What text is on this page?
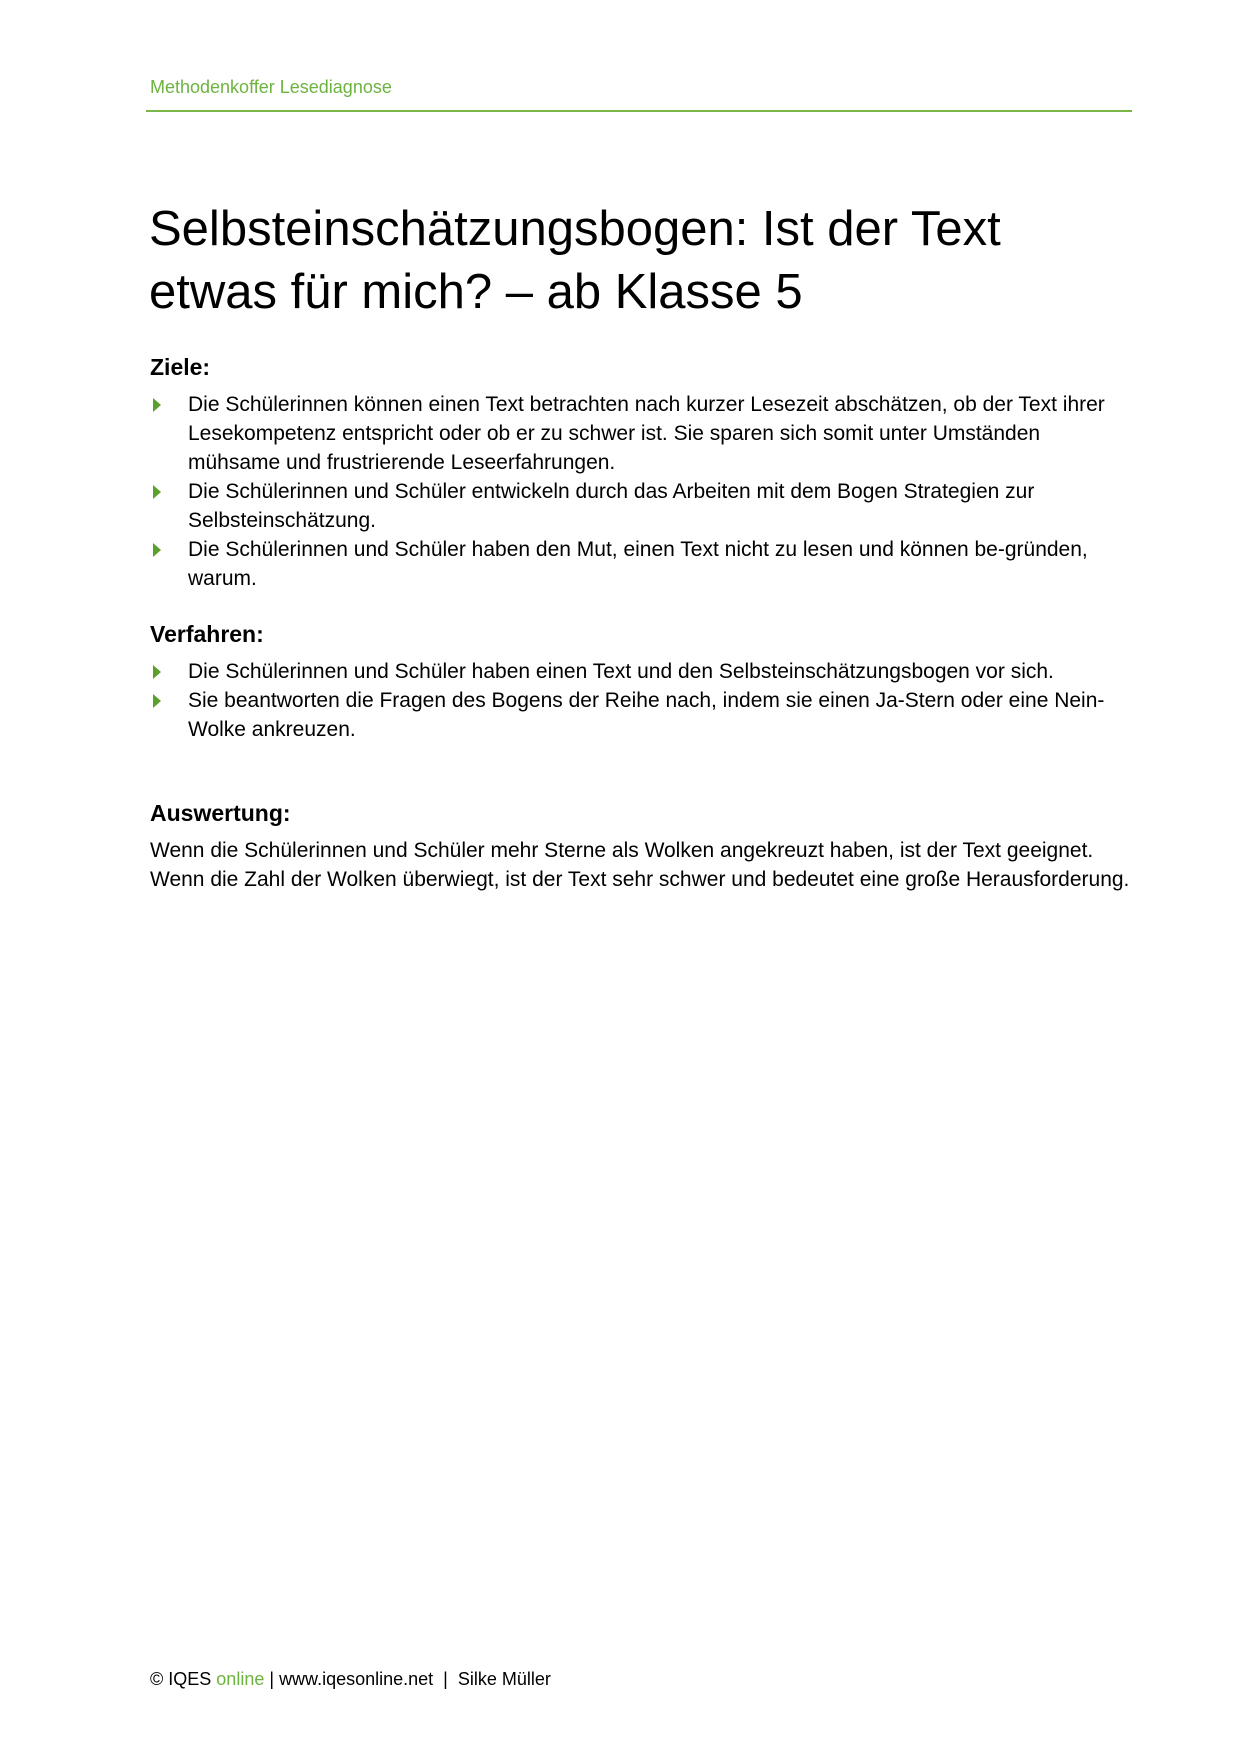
Methodenkoffer Lesediagnose
Selbsteinschätzungsbogen: Ist der Text
etwas für mich? – ab Klasse 5
Ziele:
Die Schülerinnen können einen Text betrachten nach kurzer Lesezeit abschätzen, ob der Text ihrer Lesekompetenz entspricht oder ob er zu schwer ist. Sie sparen sich somit unter Umständen mühsame und frustrierende Leseerfahrungen.
Die Schülerinnen und Schüler entwickeln durch das Arbeiten mit dem Bogen Strategien zur Selbsteinschätzung.
Die Schülerinnen und Schüler haben den Mut, einen Text nicht zu lesen und können be-gründen, warum.
Verfahren:
Die Schülerinnen und Schüler haben einen Text und den Selbsteinschätzungsbogen vor sich.
Sie beantworten die Fragen des Bogens der Reihe nach, indem sie einen Ja-Stern oder eine Nein-Wolke ankreuzen.
Auswertung:

Wenn die Schülerinnen und Schüler mehr Sterne als Wolken angekreuzt haben, ist der Text geeignet. Wenn die Zahl der Wolken überwiegt, ist der Text sehr schwer und bedeutet eine große Herausforderung.

© IQES online | www.iqesonline.net | Silke Müller
